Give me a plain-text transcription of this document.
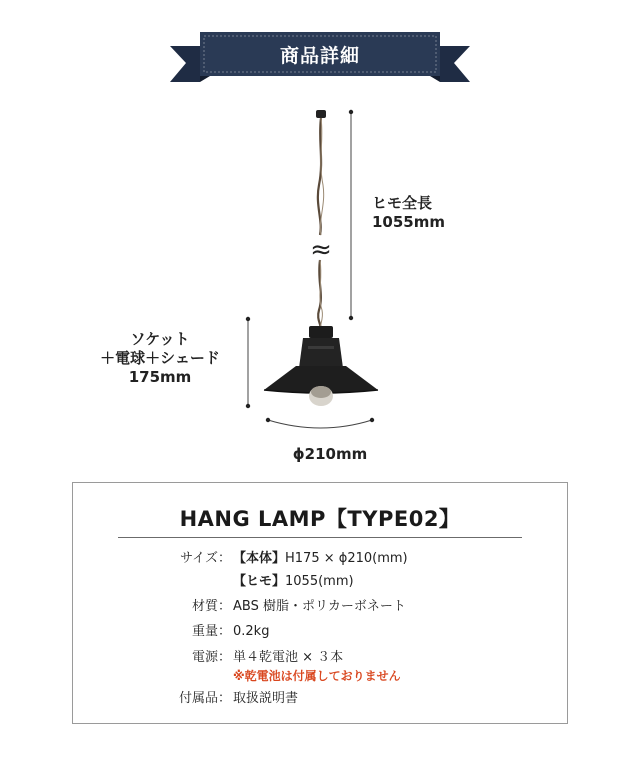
商品詳細
≈
ヒモ全長
1055mm
ソケット
＋電球＋シェード
175mm
ϕ210mm
HANG LAMP【TYPE02】
サイズ： 【本体】H175 × ϕ210(mm)
【ヒモ】1055(mm)
材質： ABS 樹脂・ポリカーボネート
重量： 0.2kg
電源： 単４乾電池 × ３本
※乾電池は付属しておりません
付属品： 取扱説明書
